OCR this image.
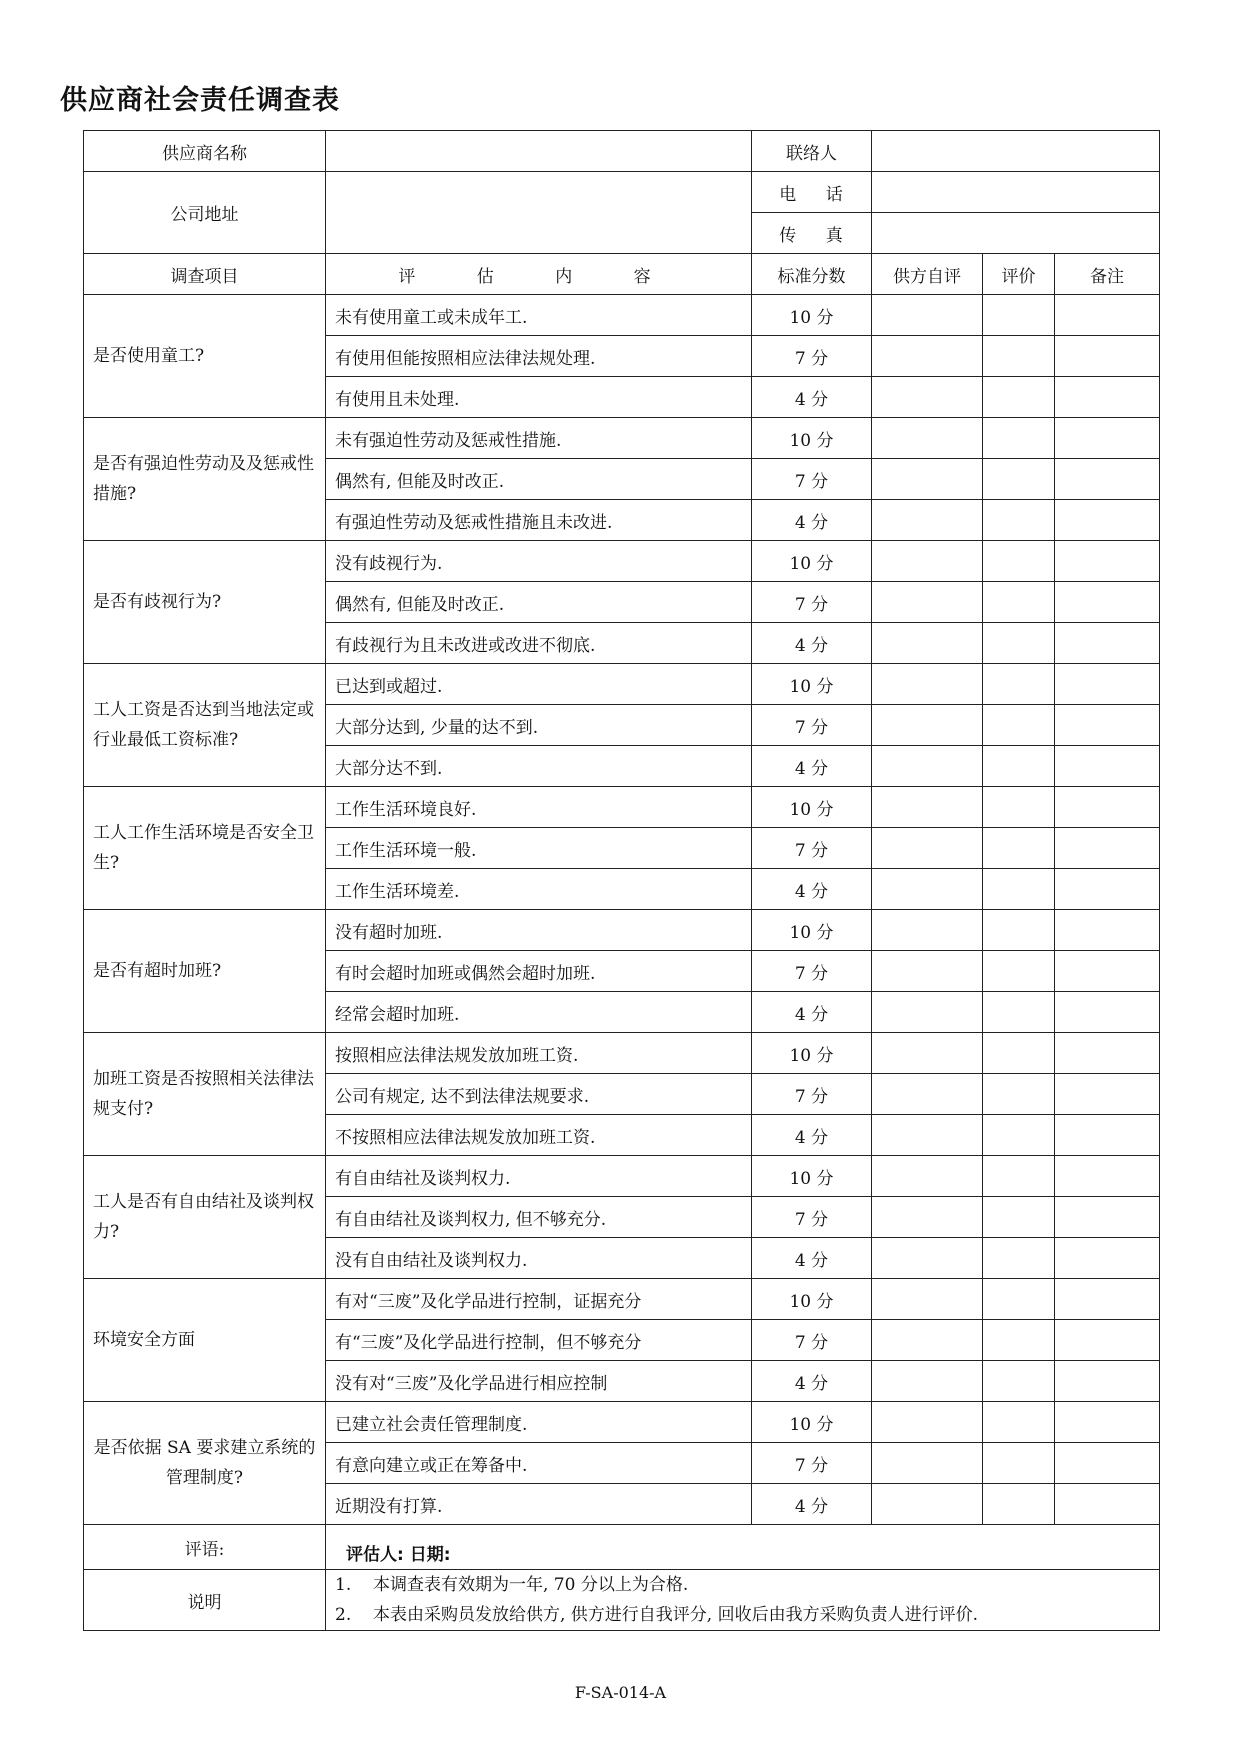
供应商社会责任调查表
供应商名称		联络人			
公司地址		电 话			
		传 真			
调查项目	评 估 内 容	标准分数	供方自评	评价	备注
是否使用童工?	未有使用童工或未成年工.	10 分			
	有使用但能按照相应法律法规处理.	7 分			
	有使用且未处理.	4 分			
是否有强迫性劳动及及惩戒性措施?	未有强迫性劳动及惩戒性措施.	10 分			
	偶然有, 但能及时改正.	7 分			
	有强迫性劳动及惩戒性措施且未改进.	4 分			
是否有歧视行为?	没有歧视行为.	10 分			
	偶然有, 但能及时改正.	7 分			
	有歧视行为且未改进或改进不彻底.	4 分			
工人工资是否达到当地法定或行业最低工资标准?	已达到或超过.	10 分			
	大部分达到, 少量的达不到.	7 分			
	大部分达不到.	4 分			
工人工作生活环境是否安全卫生?	工作生活环境良好.	10 分			
	工作生活环境一般.	7 分			
	工作生活环境差.	4 分			
是否有超时加班?	没有超时加班.	10 分			
	有时会超时加班或偶然会超时加班.	7 分			
	经常会超时加班.	4 分			
加班工资是否按照相关法律法规支付?	按照相应法律法规发放加班工资.	10 分			
	公司有规定, 达不到法律法规要求.	7 分			
	不按照相应法律法规发放加班工资.	4 分			
工人是否有自由结社及谈判权力?	有自由结社及谈判权力.	10 分			
	有自由结社及谈判权力, 但不够充分.	7 分			
	没有自由结社及谈判权力.	4 分			
环境安全方面	有对“三废”及化学品进行控制，证据充分	10 分			
	有“三废”及化学品进行控制，但不够充分	7 分			
	没有对“三废”及化学品进行相应控制	4 分			
是否依据 SA 要求建立系统的管理制度?	已建立社会责任管理制度.	10 分			
	有意向建立或正在筹备中.	7 分			
	近期没有打算.	4 分			
评语:	评估人: 日期:				
说明	1. 本调查表有效期为一年, 70 分以上为合格.
2. 本表由采购员发放给供方, 供方进行自我评分, 回收后由我方采购负责人进行评价.				
F-SA-014-A
